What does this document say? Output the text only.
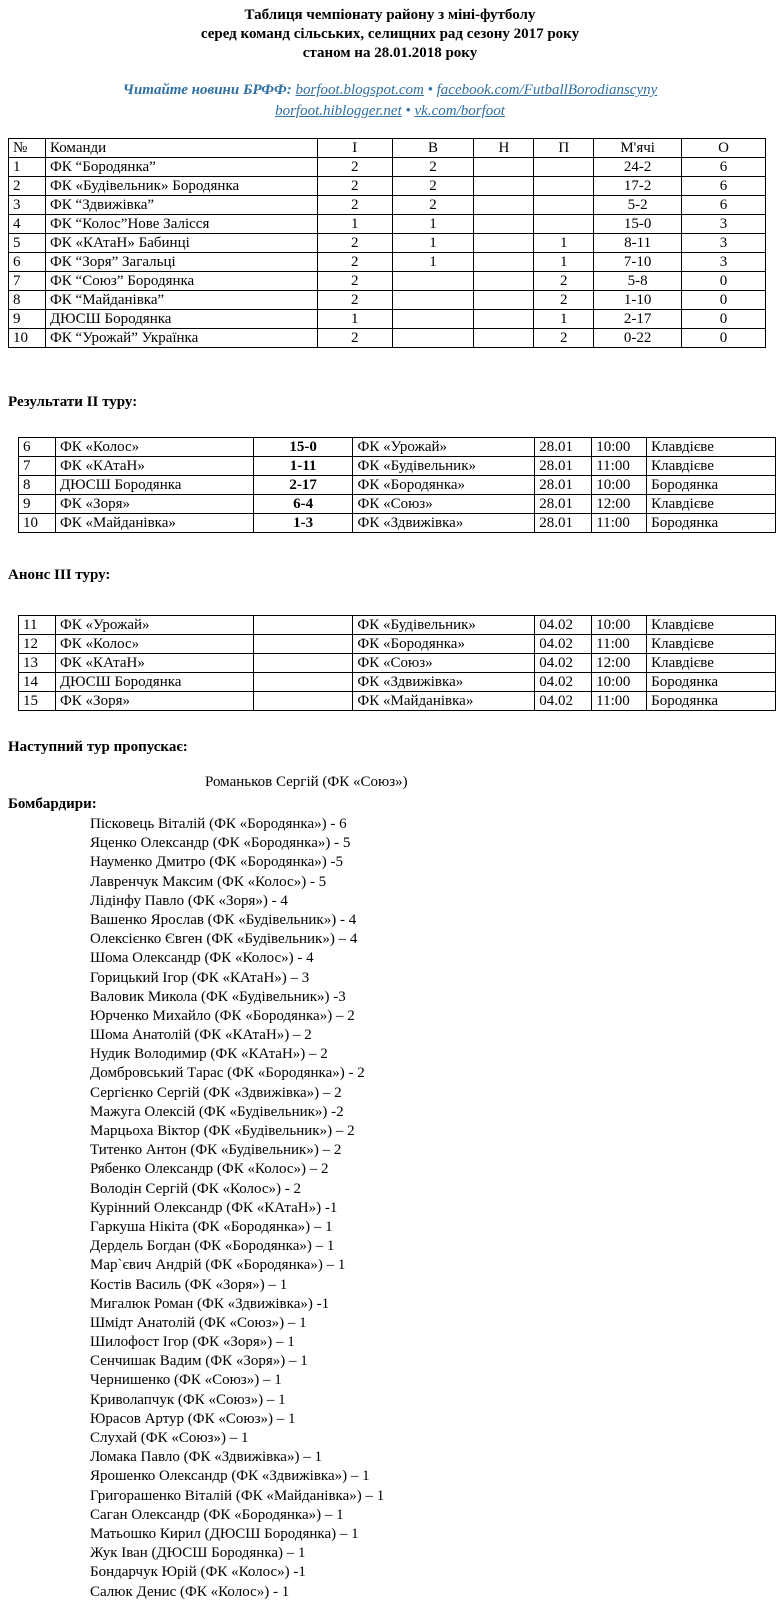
Таблиця чемпіонату району з міні-футболу
серед команд сільських, селищних рад сезону 2017 року
станом на 28.01.2018 року
Читайте новини БРФФ: borfoot.blogspot.com • facebook.com/FutballBorodianscyny
borfoot.hiblogger.net • vk.com/borfoot
№	Команди	І	В	Н	П	М'ячі	О
1	ФК “Бородянка”	2	2			24-2	6
2	ФК «Будівельник» Бородянка	2	2			17-2	6
3	ФК “Здвижівка”	2	2			5-2	6
4	ФК “Колос”Нове Залісся	1	1			15-0	3
5	ФК «КАтаН» Бабинці	2	1		1	8-11	3
6	ФК “Зоря” Загальці	2	1		1	7-10	3
7	ФК “Союз” Бородянка	2			2	5-8	0
8	ФК “Майданівка”	2			2	1-10	0
9	ДЮСШ Бородянка	1			1	2-17	0
10	ФК “Урожай” Українка	2			2	0-22	0
Результати ІІ туру:
6	ФК «Колос»	15-0	ФК «Урожай»	28.01	10:00	Клавдієве
7	ФК «КАтаН»	1-11	ФК «Будівельник»	28.01	11:00	Клавдієве
8	ДЮСШ Бородянка	2-17	ФК «Бородянка»	28.01	10:00	Бородянка
9	ФК «Зоря»	6-4	ФК «Союз»	28.01	12:00	Клавдієве
10	ФК «Майданівка»	1-3	ФК «Здвижівка»	28.01	11:00	Бородянка
Анонс ІІІ туру:
11	ФК «Урожай»		ФК «Будівельник»	04.02	10:00	Клавдієве
12	ФК «Колос»		ФК «Бородянка»	04.02	11:00	Клавдієве
13	ФК «КАтаН»		ФК «Союз»	04.02	12:00	Клавдієве
14	ДЮСШ Бородянка		ФК «Здвижівка»	04.02	10:00	Бородянка
15	ФК «Зоря»		ФК «Майданівка»	04.02	11:00	Бородянка
Наступний тур пропускає:
Романьков Сергій (ФК «Союз»)
Бомбардири:
Пісковець Віталій (ФК «Бородянка») - 6
Яценко Олександр (ФК «Бородянка») - 5
Науменко Дмитро (ФК «Бородянка») -5
Лавренчук Максим (ФК «Колос») - 5
Лідінфу Павло (ФК «Зоря») - 4
Вашенко Ярослав (ФК «Будівельник») - 4
Олексієнко Євген (ФК «Будівельник») – 4
Шома Олександр (ФК «Колос») - 4
Горицький Ігор (ФК «КАтаН») – 3
Валовик Микола (ФК «Будівельник») -3
Юрченко Михайло (ФК «Бородянка») – 2
Шома Анатолій (ФК «КАтаН») – 2
Нудик Володимир (ФК «КАтаН») – 2
Домбровський Тарас (ФК «Бородянка») - 2
Сергієнко Сергій (ФК «Здвижівка») – 2
Мажуга Олексій (ФК «Будівельник») -2
Марцьоха Віктор (ФК «Будівельник») – 2
Титенко Антон (ФК «Будівельник») – 2
Рябенко Олександр (ФК «Колос») – 2
Володін Сергій (ФК «Колос») - 2
Курінний Олександр (ФК «КАтаН») -1
Гаркуша Нікіта (ФК «Бородянка») – 1
Дердель Богдан (ФК «Бородянка») – 1
Мар`євич Андрій (ФК «Бородянка») – 1
Костів Василь (ФК «Зоря») – 1
Мигалюк Роман (ФК «Здвижівка») -1
Шмідт Анатолій (ФК «Союз») – 1
Шилофост Ігор (ФК «Зоря») – 1
Сенчишак Вадим (ФК «Зоря») – 1
Чернишенко (ФК «Союз») – 1
Криволапчук (ФК «Союз») – 1
Юрасов Артур (ФК «Союз») – 1
Слухай (ФК «Союз») – 1
Ломака Павло (ФК «Здвижівка») – 1
Ярошенко Олександр (ФК «Здвижівка») – 1
Григорашенко Віталій (ФК «Майданівка») – 1
Саган Олександр (ФК «Бородянка») – 1
Матьошко Кирил (ДЮСШ Бородянка) – 1
Жук Іван (ДЮСШ Бородянка) – 1
Бондарчук Юрій (ФК «Колос») -1
Салюк Денис (ФК «Колос») - 1
